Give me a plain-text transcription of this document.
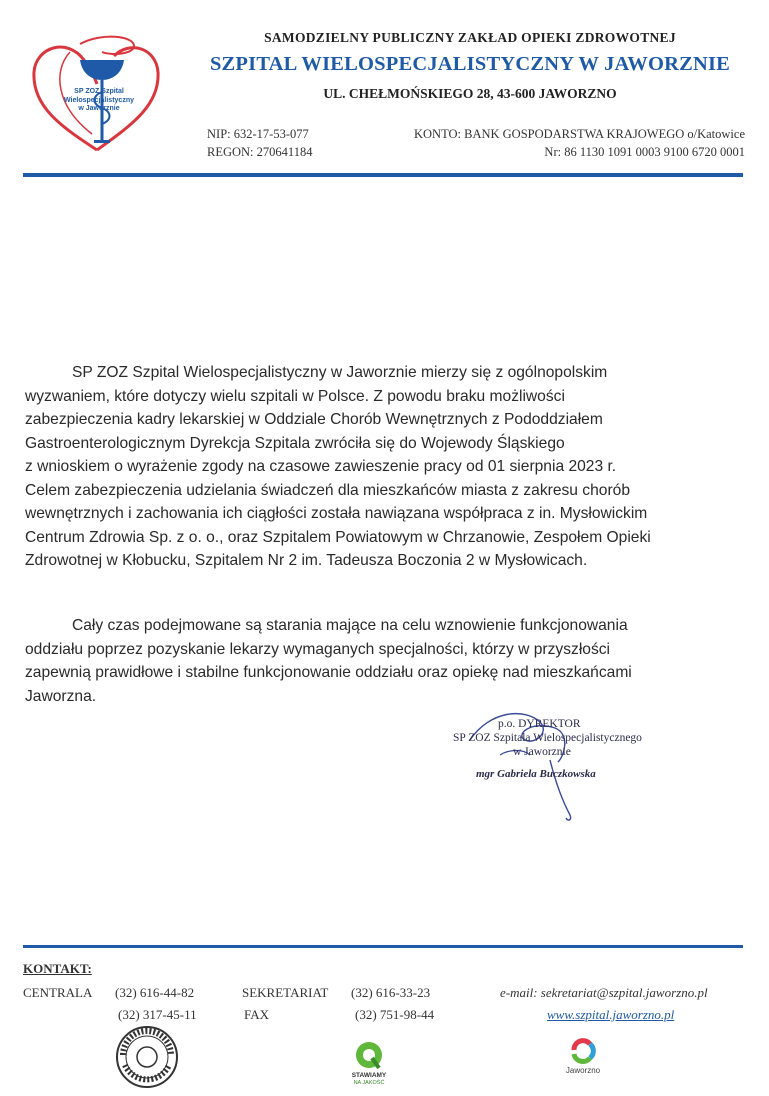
SP ZOZ Szpital
Wielospecjalistyczny
w Jaworznie
SAMODZIELNY PUBLICZNY ZAKŁAD OPIEKI ZDROWOTNEJ
SZPITAL WIELOSPECJALISTYCZNY W JAWORZNIE
UL. CHEŁMOŃSKIEGO 28, 43-600 JAWORZNO
NIP: 632-17-53-077
REGON: 270641184
KONTO: BANK GOSPODARSTWA KRAJOWEGO o/Katowice
Nr: 86 1130 1091 0003 9100 6720 0001
SP ZOZ Szpital Wielospecjalistyczny w Jaworznie mierzy się z ogólnopolskim
wyzwaniem, które dotyczy wielu szpitali w Polsce. Z powodu braku możliwości
zabezpieczenia kadry lekarskiej w Oddziale Chorób Wewnętrznych z Pododdziałem
Gastroenterologicznym Dyrekcja Szpitala zwróciła się do Wojewody Śląskiego
z wnioskiem o wyrażenie zgody na czasowe zawieszenie pracy od 01 sierpnia 2023 r.
Celem zabezpieczenia udzielania świadczeń dla mieszkańców miasta z zakresu chorób
wewnętrznych i zachowania ich ciągłości została nawiązana współpraca z in. Mysłowickim
Centrum Zdrowia Sp. z o. o., oraz Szpitalem Powiatowym w Chrzanowie, Zespołem Opieki
Zdrowotnej w Kłobucku, Szpitalem Nr 2 im. Tadeusza Boczonia 2 w Mysłowicach.
Cały czas podejmowane są starania mające na celu wznowienie funkcjonowania
oddziału poprzez pozyskanie lekarzy wymaganych specjalności, którzy w przyszłości
zapewnią prawidłowe i stabilne funkcjonowanie oddziału oraz opiekę nad mieszkańcami
Jaworzna.
p.o. DYREKTOR
SP ZOZ Szpitala Wielospecjalistycznego
w Jaworznie
mgr Gabriela Buczkowska
KONTAKT:
CENTRALA (32) 616-44-82
(32) 317-45-11
SEKRETARIAT (32) 616-33-23
FAX	(32) 751-98-44
e-mail: sekretariat@szpital.jaworzno.pl
www.szpital.jaworzno.pl
STAWIAMY
NA JAKOŚĆ
Jaworzno
